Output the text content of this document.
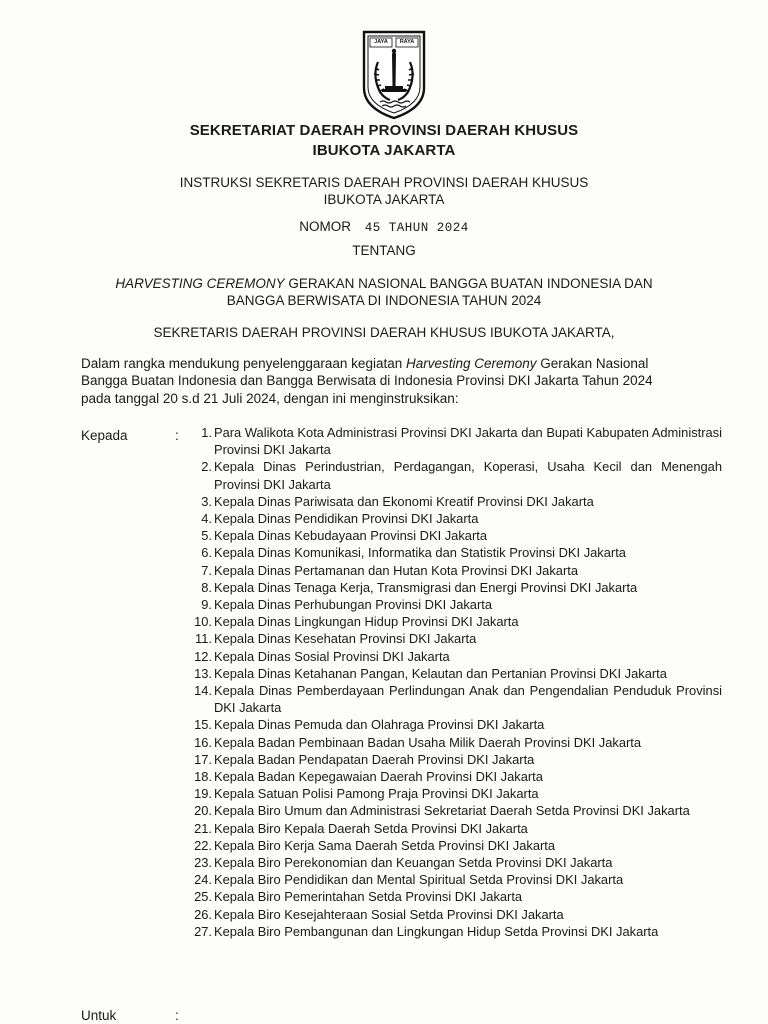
JAYA	RAYA
SEKRETARIAT DAERAH PROVINSI DAERAH KHUSUS
IBUKOTA JAKARTA
INSTRUKSI SEKRETARIS DAERAH PROVINSI DAERAH KHUSUS
IBUKOTA JAKARTA
NOMOR 45 TAHUN 2024
TENTANG
HARVESTING CEREMONY GERAKAN NASIONAL BANGGA BUATAN INDONESIA DAN
BANGGA BERWISATA DI INDONESIA TAHUN 2024
SEKRETARIS DAERAH PROVINSI DAERAH KHUSUS IBUKOTA JAKARTA,
Dalam rangka mendukung penyelenggaraan kegiatan Harvesting Ceremony Gerakan Nasional
Bangga Buatan Indonesia dan Bangga Berwisata di Indonesia Provinsi DKI Jakarta Tahun 2024
pada tanggal 20 s.d 21 Juli 2024, dengan ini menginstruksikan:
Kepada	:	1. Para Walikota Kota Administrasi Provinsi DKI Jakarta dan Bupati Kabupaten Administrasi Provinsi DKI Jakarta
2. Kepala Dinas Perindustrian, Perdagangan, Koperasi, Usaha Kecil dan Menengah Provinsi DKI Jakarta
3. Kepala Dinas Pariwisata dan Ekonomi Kreatif Provinsi DKI Jakarta
4. Kepala Dinas Pendidikan Provinsi DKI Jakarta
5. Kepala Dinas Kebudayaan Provinsi DKI Jakarta
6. Kepala Dinas Komunikasi, Informatika dan Statistik Provinsi DKI Jakarta
7. Kepala Dinas Pertamanan dan Hutan Kota Provinsi DKI Jakarta
8. Kepala Dinas Tenaga Kerja, Transmigrasi dan Energi Provinsi DKI Jakarta
9. Kepala Dinas Perhubungan Provinsi DKI Jakarta
10. Kepala Dinas Lingkungan Hidup Provinsi DKI Jakarta
11. Kepala Dinas Kesehatan Provinsi DKI Jakarta
12. Kepala Dinas Sosial Provinsi DKI Jakarta
13. Kepala Dinas Ketahanan Pangan, Kelautan dan Pertanian Provinsi DKI Jakarta
14. Kepala Dinas Pemberdayaan Perlindungan Anak dan Pengendalian Penduduk Provinsi DKI Jakarta
15. Kepala Dinas Pemuda dan Olahraga Provinsi DKI Jakarta
16. Kepala Badan Pembinaan Badan Usaha Milik Daerah Provinsi DKI Jakarta
17. Kepala Badan Pendapatan Daerah Provinsi DKI Jakarta
18. Kepala Badan Kepegawaian Daerah Provinsi DKI Jakarta
19. Kepala Satuan Polisi Pamong Praja Provinsi DKI Jakarta
20. Kepala Biro Umum dan Administrasi Sekretariat Daerah Setda Provinsi DKI Jakarta
21. Kepala Biro Kepala Daerah Setda Provinsi DKI Jakarta
22. Kepala Biro Kerja Sama Daerah Setda Provinsi DKI Jakarta
23. Kepala Biro Perekonomian dan Keuangan Setda Provinsi DKI Jakarta
24. Kepala Biro Pendidikan dan Mental Spiritual Setda Provinsi DKI Jakarta
25. Kepala Biro Pemerintahan Setda Provinsi DKI Jakarta
26. Kepala Biro Kesejahteraan Sosial Setda Provinsi DKI Jakarta
27. Kepala Biro Pembangunan dan Lingkungan Hidup Setda Provinsi DKI Jakarta
Untuk	:
